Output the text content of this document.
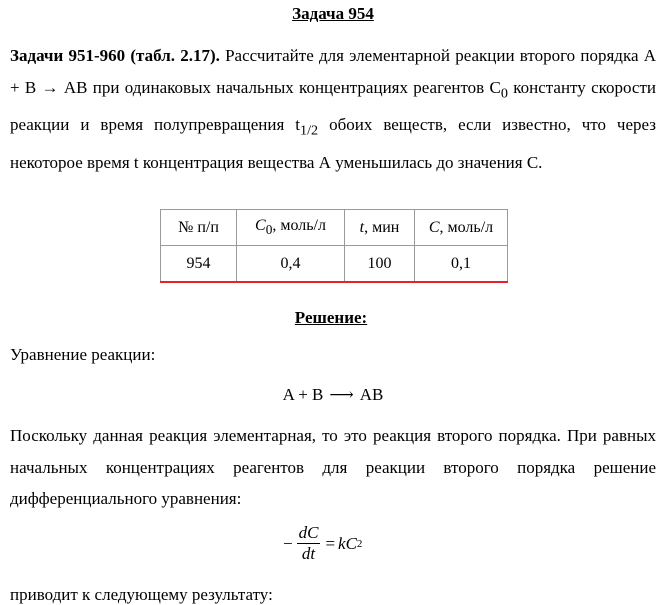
Задача 954
Задачи 951-960 (табл. 2.17). Рассчитайте для элементарной реакции второго порядка А + В → АВ при одинаковых начальных концентрациях реагентов $С_0$ константу скорости реакции и время полупревращения $t_{1/2}$ обоих веществ, если известно, что через некоторое время t концентрация вещества А уменьшилась до значения С.
№ п/п	$C_0$, моль/л	t, мин	C, моль/л
954	0,4	100	0,1
Решение:
Уравнение реакции:
A + B ⟶ AB
Поскольку данная реакция элементарная, то это реакция второго порядка. При равных начальных концентрациях реагентов для реакции второго порядка решение дифференциального уравнения:
− $\frac{dC}{dt}$ = kC 2
приводит к следующему результату:
